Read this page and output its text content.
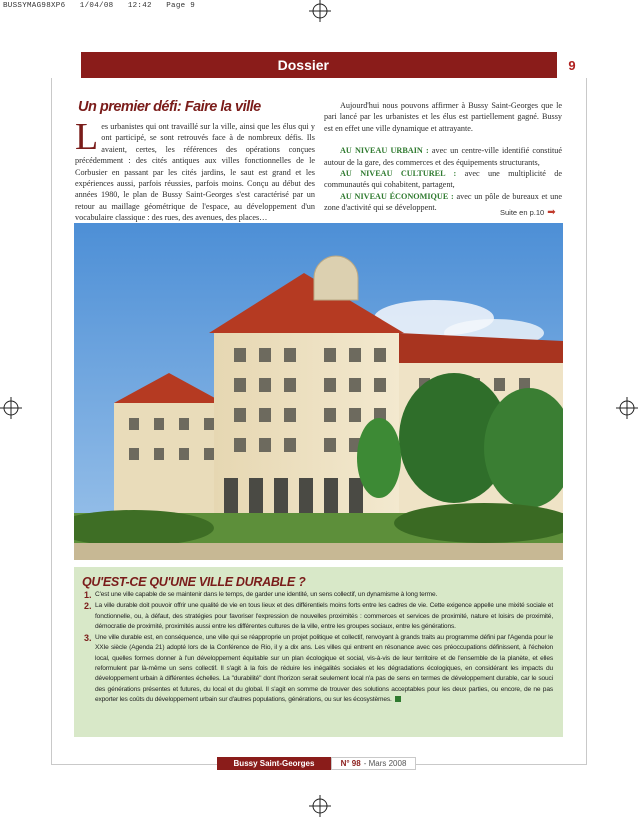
BUSSYMAG98XP6   1/04/08   12:42   Page 9
Dossier	9
Un premier défi: Faire la ville
Les urbanistes qui ont travaillé sur la ville, ainsi que les élus qui y ont participé, se sont retrouvés face à de nombreux défis. Ils avaient, certes, les références des opérations conçues précédemment : des cités antiques aux villes fonctionnelles de le Corbusier en passant par les cités jardins, le saut est grand et les expériences aussi, parfois réussies, parfois moins. Conçu au début des années 1980, le plan de Bussy Saint-Georges s'est caractérisé par un retour au maillage géométrique de l'espace, au développement d'un vocabulaire classique : des rues, des avenues, des places…

Aujourd'hui nous pouvons affirmer à Bussy Saint-Georges que le pari lancé par les urbanistes et les élus est partiellement gagné. Bussy est en effet une ville dynamique et attrayante.

AU NIVEAU URBAIN : avec un centre-ville identifié constitué autour de la gare, des commerces et des équipements structurants,

AU NIVEAU CULTUREL : avec une multiplicité de communautés qui cohabitent, partagent,

AU NIVEAU ÉCONOMIQUE : avec un pôle de bureaux et une zone d'activité qui se développent.

Suite en p.10 ➡
QU'EST-CE QU'UNE VILLE DURABLE ?
1. C'est une ville capable de se maintenir dans le temps, de garder une identité, un sens collectif, un dynamisme à long terme.
2. La ville durable doit pouvoir offrir une qualité de vie en tous lieux et des différentiels moins forts entre les cadres de vie. Cette exigence appelle une mixité sociale et fonctionnelle, ou, à défaut, des stratégies pour favoriser l'expression de nouvelles proximités : commerces et services de proximité, nature et loisirs de proximité, démocratie de proximité, proximités aussi entre les différentes cultures de la ville, entre les groupes sociaux, entre les générations.
3. Une ville durable est, en conséquence, une ville qui se réapproprie un projet politique et collectif, renvoyant à grands traits au programme défini par l'Agenda pour le XXIe siècle (Agenda 21) adopté lors de la Conférence de Rio, il y a dix ans. Les villes qui entrent en résonance avec ces préoccupations définissent, à l'échelon local, quelles formes donner à l'un développement équitable sur un plan écologique et social, vis-à-vis de leur territoire et de l'ensemble de la planète, et elles reformulent par là-même un sens collectif. Il s'agit à la fois de réduire les inégalités sociales et les dégradations écologiques, en considérant les impacts du développement urbain à différentes échelles. La "durabilité" dont l'horizon serait seulement local n'a pas de sens en termes de développement durable, car le souci des générations présentes et futures, du local et du global. Il s'agit en somme de trouver des solutions acceptables pour les deux parties, ou encore, de ne pas exporter les coûts du développement urbain sur d'autres populations, générations, ou sur les écosystèmes.
Bussy Saint-Georges	N° 98 - Mars 2008
